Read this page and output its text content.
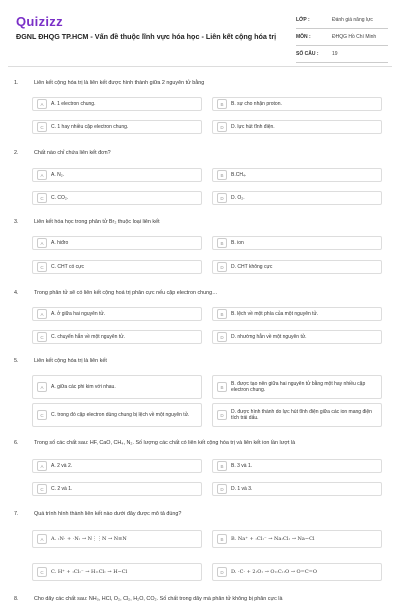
Quizizz
ĐGNL ĐHQG TP.HCM - Vấn đề thuộc lĩnh vực hóa học - Liên kết cộng hóa trị
LỚP :	Đánh giá năng lực
MÔN :	ĐHQG Hồ Chí Minh
SỐ CÂU :	19
1.	Liên kết cộng hóa trị là liên kết được hình thành giữa 2 nguyên tử bằng
A	A. 1 electron chung.	B	B. sự cho nhận proton.
C	C. 1 hay nhiều cặp electron chung.	D	D. lực hút tĩnh điện.
2.	Chất nào chỉ chứa liên kết đơn?
A	A. N₂.	B	B.CH₄.
C	C. CO₂.	D	D. O₂.
3.	Liên kết hóa học trong phân tử Br₂ thuộc loại liên kết
A	A. hiđro	B	B. ion
C	C. CHT có cực	D	D. CHT không cực
4.	Trong phân tử sẽ có liên kết cộng hoá trị phân cực nếu cặp electron chung…
A	A. ở giữa hai nguyên tử.	B	B. lệch về một phía của một nguyên tử.
C	C. chuyển hẳn về một nguyên tử.	D	D. nhường hẳn về một nguyên tử.
5.	Liên kết cộng hóa trị là liên kết
A	A. giữa các phi kim với nhau.	B
B. được tạo nên giữa hai nguyên tử bằng một hay nhiều cặp electron chung.
C	C. trong đó cặp electron dùng chung bị lệch về một nguyên tử.	D
D. được hình thành do lực hút tĩnh điện giữa các ion mang điện tích trái dấu.
6.	Trong số các chất sau: HF, CaO, CH₄, N₂. Số lượng các chất có liên kết cộng hóa trị và liên kết ion lần lượt là
A	A. 2 và 2.	B	B. 3 và 1.
C	C. 2 và 1.	D	D. 1 và 3.
7.	Quá trình hình thành liên kết nào dưới đây được mô tả đúng?
A	A. :N· + ·N: → N⋮⋮N → N≡N	B	B. Na⁺ + :Cl:⁻ → Na:Cl: → Na−Cl
C	C. H⁺ + :Cl:⁻ → H::Cl: → H−Cl	D	D. ·C· + 2:O: → O::C::O → O=C=O
8.	Cho dãy các chất sau: NH₃, HCl, O₂, Cl₂, H₂O, CO₂. Số chất trong dãy mà phân tử không bị phân cực là
